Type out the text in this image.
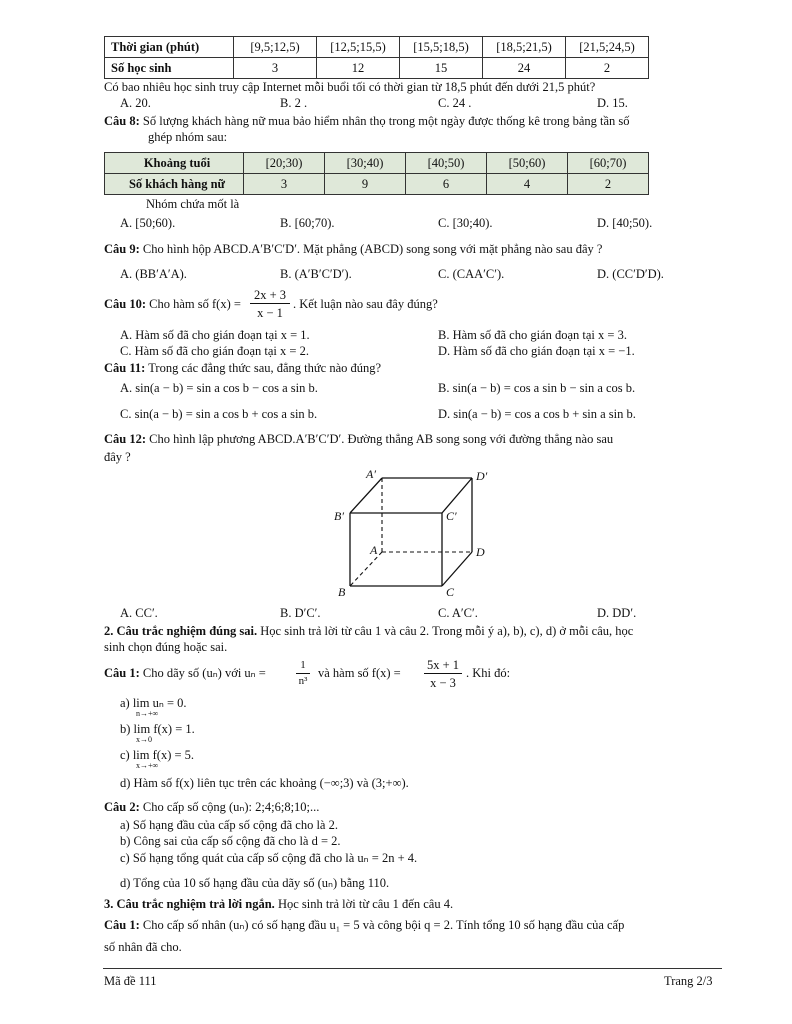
Thời gian (phút)	[9,5;12,5)	[12,5;15,5)	[15,5;18,5)	[18,5;21,5)	[21,5;24,5)
Số học sinh	3	12	15	24	2
Có bao nhiêu học sinh truy cập Internet mỗi buổi tối có thời gian từ 18,5 phút đến dưới 21,5 phút?
A. 20.	B. 2 .	C. 24 .	D. 15.
Câu 8: Số lượng khách hàng nữ mua bảo hiểm nhân thọ trong một ngày được thống kê trong bảng tần số
ghép nhóm sau:
Khoảng tuổi	[20;30)	[30;40)	[40;50)	[50;60)	[60;70)
Số khách hàng nữ	3	9	6	4	2
Nhóm chứa mốt là
A. [50;60).	B. [60;70).	C. [30;40).	D. [40;50).
Câu 9: Cho hình hộp ABCD.A′B′C′D′. Mặt phẳng (ABCD) song song với mặt phẳng nào sau đây ?
A. (BB′A′A).	B. (A′B′C′D′).	C. (CAA′C′).	D. (CC′D′D).
Câu 10: Cho hàm số f(x) =
2x + 3
x − 1
. Kết luận nào sau đây đúng?
A. Hàm số đã cho gián đoạn tại x = 1.	B. Hàm số đã cho gián đoạn tại x = 3.
C. Hàm số đã cho gián đoạn tại x = 2.	D. Hàm số đã cho gián đoạn tại x = −1.
Câu 11: Trong các đẳng thức sau, đẳng thức nào đúng?
A. sin(a − b) = sin a cos b − cos a sin b.	B. sin(a − b) = cos a sin b − sin a cos b.
C. sin(a − b) = sin a cos b + cos a sin b.	D. sin(a − b) = cos a cos b + sin a sin b.
Câu 12: Cho hình lập phương ABCD.A′B′C′D′. Đường thẳng AB song song với đường thẳng nào sau
đây ?
A′	D′
B′	C′
A	D
B	C
A. CC′.	B. D′C′.	C. A′C′.	D. DD′.
2. Câu trắc nghiệm đúng sai. Học sinh trả lời từ câu 1 và câu 2. Trong mỗi ý a), b), c), d) ở mỗi câu, học
sinh chọn đúng hoặc sai.
Câu 1: Cho dãy số (uₙ) với uₙ =
1
n³
và hàm số f(x) =
5x + 1
x − 3
. Khi đó:
a) lim uₙ = 0.
n→+∞
b) lim f(x) = 1.
x→0
c) lim f(x) = 5.
x→+∞
d) Hàm số f(x) liên tục trên các khoảng (−∞;3) và (3;+∞).
Câu 2: Cho cấp số cộng (uₙ): 2;4;6;8;10;...
a) Số hạng đầu của cấp số cộng đã cho là 2.
b) Công sai của cấp số cộng đã cho là d = 2.
c) Số hạng tổng quát của cấp số cộng đã cho là uₙ = 2n + 4.
d) Tổng của 10 số hạng đầu của dãy số (uₙ) bằng 110.
3. Câu trắc nghiệm trả lời ngắn. Học sinh trả lời từ câu 1 đến câu 4.
Câu 1: Cho cấp số nhân (uₙ) có số hạng đầu u₁ = 5 và công bội q = 2. Tính tổng 10 số hạng đầu của cấp
số nhân đã cho.
Mã đề 111	Trang 2/3
